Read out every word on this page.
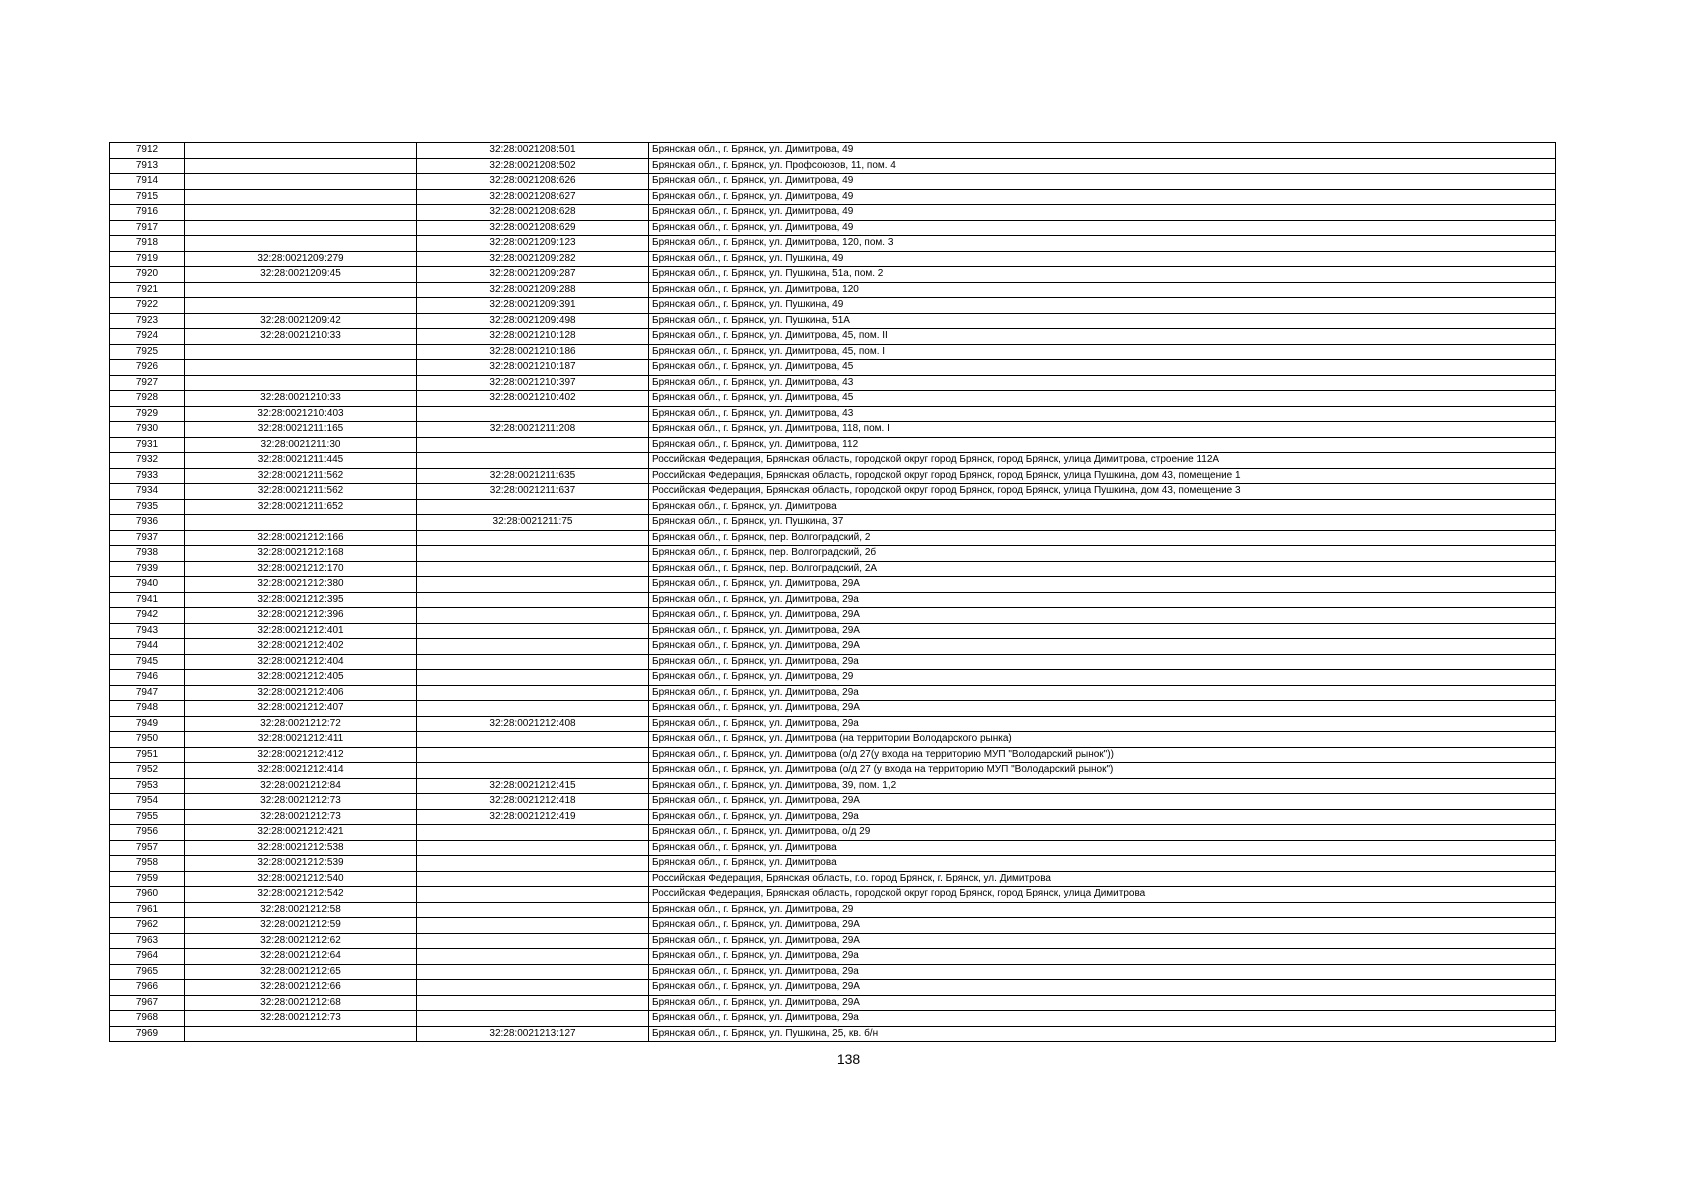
7912		32:28:0021208:501	Брянская обл., г. Брянск, ул. Димитрова, 49
7913		32:28:0021208:502	Брянская обл., г. Брянск, ул. Профсоюзов, 11, пом. 4
7914		32:28:0021208:626	Брянская обл., г. Брянск, ул. Димитрова, 49
7915		32:28:0021208:627	Брянская обл., г. Брянск, ул. Димитрова, 49
7916		32:28:0021208:628	Брянская обл., г. Брянск, ул. Димитрова, 49
7917		32:28:0021208:629	Брянская обл., г. Брянск, ул. Димитрова, 49
7918		32:28:0021209:123	Брянская обл., г. Брянск, ул. Димитрова, 120, пом. 3
7919	32:28:0021209:279	32:28:0021209:282	Брянская обл., г. Брянск, ул. Пушкина, 49
7920	32:28:0021209:45	32:28:0021209:287	Брянская обл., г. Брянск, ул. Пушкина, 51а, пом. 2
7921		32:28:0021209:288	Брянская обл., г. Брянск, ул. Димитрова, 120
7922		32:28:0021209:391	Брянская обл., г. Брянск, ул. Пушкина, 49
7923	32:28:0021209:42	32:28:0021209:498	Брянская обл., г. Брянск, ул. Пушкина, 51А
7924	32:28:0021210:33	32:28:0021210:128	Брянская обл., г. Брянск, ул. Димитрова, 45, пом. II
7925		32:28:0021210:186	Брянская обл., г. Брянск, ул. Димитрова, 45, пом. I
7926		32:28:0021210:187	Брянская обл., г. Брянск, ул. Димитрова, 45
7927		32:28:0021210:397	Брянская обл., г. Брянск, ул. Димитрова, 43
7928	32:28:0021210:33	32:28:0021210:402	Брянская обл., г. Брянск, ул. Димитрова, 45
7929	32:28:0021210:403		Брянская обл., г. Брянск, ул. Димитрова, 43
7930	32:28:0021211:165	32:28:0021211:208	Брянская обл., г. Брянск, ул. Димитрова, 118, пом. I
7931	32:28:0021211:30		Брянская обл., г. Брянск, ул. Димитрова, 112
7932	32:28:0021211:445		Российская Федерация, Брянская область, городской округ город Брянск, город Брянск, улица Димитрова, строение 112А
7933	32:28:0021211:562	32:28:0021211:635	Российская Федерация, Брянская область, городской округ город Брянск, город Брянск, улица Пушкина, дом 43, помещение 1
7934	32:28:0021211:562	32:28:0021211:637	Российская Федерация, Брянская область, городской округ город Брянск, город Брянск, улица Пушкина, дом 43, помещение 3
7935	32:28:0021211:652		Брянская обл., г. Брянск, ул. Димитрова
7936		32:28:0021211:75	Брянская обл., г. Брянск, ул. Пушкина, 37
7937	32:28:0021212:166		Брянская обл., г. Брянск, пер. Волгоградский, 2
7938	32:28:0021212:168		Брянская обл., г. Брянск, пер. Волгоградский, 2б
7939	32:28:0021212:170		Брянская обл., г. Брянск, пер. Волгоградский, 2А
7940	32:28:0021212:380		Брянская обл., г. Брянск, ул. Димитрова, 29А
7941	32:28:0021212:395		Брянская обл., г. Брянск, ул. Димитрова, 29а
7942	32:28:0021212:396		Брянская обл., г. Брянск, ул. Димитрова, 29А
7943	32:28:0021212:401		Брянская обл., г. Брянск, ул. Димитрова, 29А
7944	32:28:0021212:402		Брянская обл., г. Брянск, ул. Димитрова, 29А
7945	32:28:0021212:404		Брянская обл., г. Брянск, ул. Димитрова, 29а
7946	32:28:0021212:405		Брянская обл., г. Брянск, ул. Димитрова, 29
7947	32:28:0021212:406		Брянская обл., г. Брянск, ул. Димитрова, 29а
7948	32:28:0021212:407		Брянская обл., г. Брянск, ул. Димитрова, 29А
7949	32:28:0021212:72	32:28:0021212:408	Брянская обл., г. Брянск, ул. Димитрова, 29а
7950	32:28:0021212:411		Брянская обл., г. Брянск, ул. Димитрова (на территории Володарского рынка)
7951	32:28:0021212:412		Брянская обл., г. Брянск, ул. Димитрова (о/д 27(у входа на территорию МУП "Володарский рынок"))
7952	32:28:0021212:414		Брянская обл., г. Брянск, ул. Димитрова (о/д 27 (у входа на территорию МУП "Володарский рынок")
7953	32:28:0021212:84	32:28:0021212:415	Брянская обл., г. Брянск, ул. Димитрова, 39, пом. 1,2
7954	32:28:0021212:73	32:28:0021212:418	Брянская обл., г. Брянск, ул. Димитрова, 29А
7955	32:28:0021212:73	32:28:0021212:419	Брянская обл., г. Брянск, ул. Димитрова, 29а
7956	32:28:0021212:421		Брянская обл., г. Брянск, ул. Димитрова, о/д 29
7957	32:28:0021212:538		Брянская обл., г. Брянск, ул. Димитрова
7958	32:28:0021212:539		Брянская обл., г. Брянск, ул. Димитрова
7959	32:28:0021212:540		Российская Федерация, Брянская область, г.о. город Брянск, г. Брянск, ул. Димитрова
7960	32:28:0021212:542		Российская Федерация, Брянская область, городской округ город Брянск, город Брянск, улица Димитрова
7961	32:28:0021212:58		Брянская обл., г. Брянск, ул. Димитрова, 29
7962	32:28:0021212:59		Брянская обл., г. Брянск, ул. Димитрова, 29А
7963	32:28:0021212:62		Брянская обл., г. Брянск, ул. Димитрова, 29А
7964	32:28:0021212:64		Брянская обл., г. Брянск, ул. Димитрова, 29а
7965	32:28:0021212:65		Брянская обл., г. Брянск, ул. Димитрова, 29а
7966	32:28:0021212:66		Брянская обл., г. Брянск, ул. Димитрова, 29А
7967	32:28:0021212:68		Брянская обл., г. Брянск, ул. Димитрова, 29А
7968	32:28:0021212:73		Брянская обл., г. Брянск, ул. Димитрова, 29а
7969		32:28:0021213:127	Брянская обл., г. Брянск, ул. Пушкина, 25, кв. б/н
138
